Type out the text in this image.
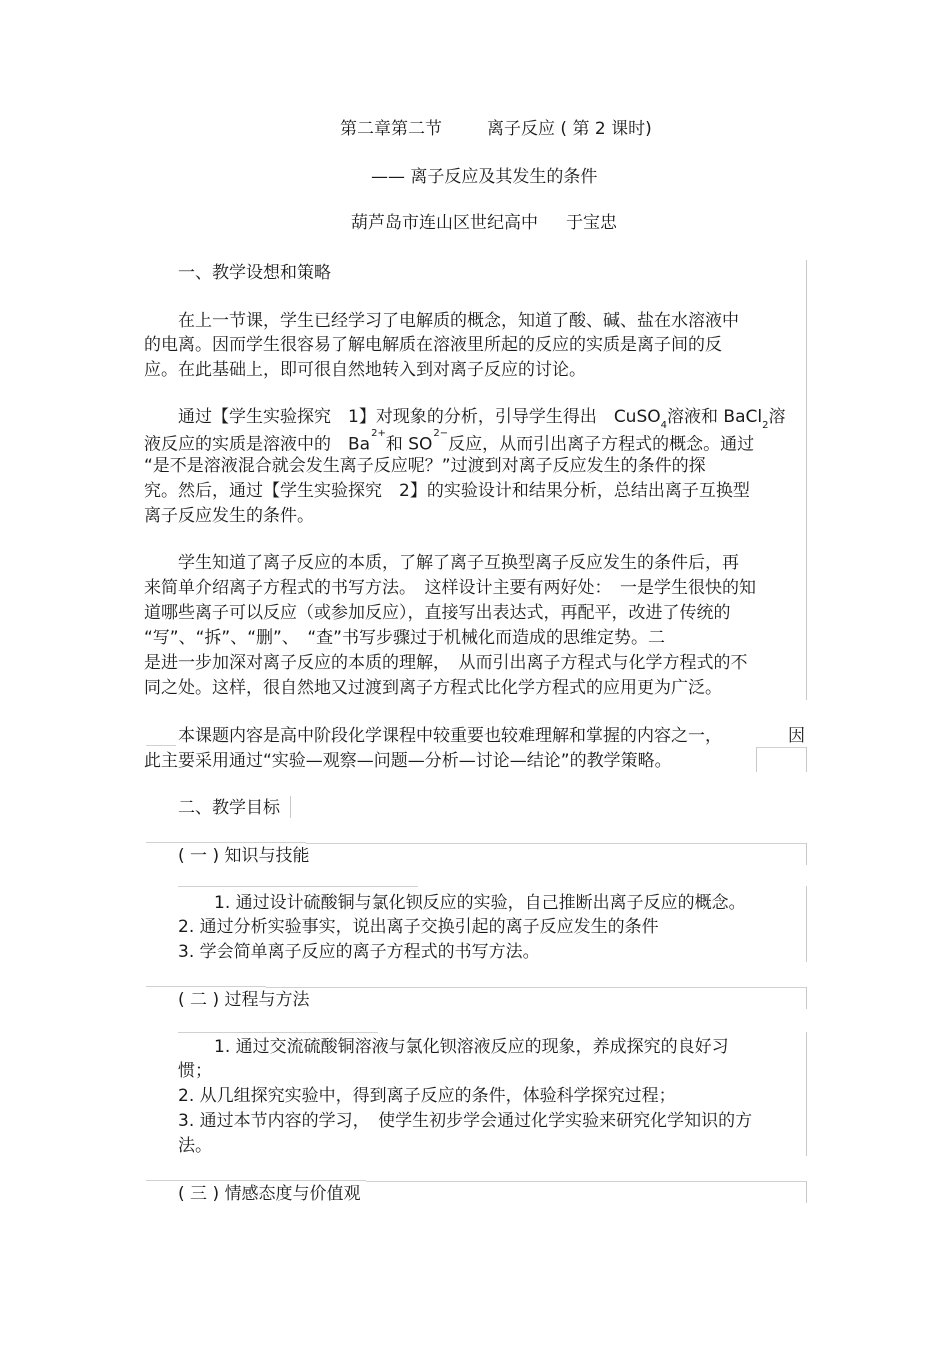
第二章第二节	离子反应 ( 第 2 课时)
—— 离子反应及其发生的条件
葫芦岛市连山区世纪高中 于宝忠
一、教学设想和策略
在上一节课，学生已经学习了电解质的概念，知道了酸、碱、盐在水溶液中
的电离。因而学生很容易了解电解质在溶液里所起的反应的实质是离子间的反
应。在此基础上，即可很自然地转入到对离子反应的讨论。
通过【学生实验探究　1】对现象的分析，引导学生得出　CuSO$_4$溶液和 BaCl$_2$溶
液反应的实质是溶液中的　$Ba^{2+}$和 $SO^{2-}$反应，从而引出离子方程式的概念。通过
“是不是溶液混合就会发生离子反应呢？”过渡到对离子反应发生的条件的探
究。然后，通过【学生实验探究　2】的实验设计和结果分析，总结出离子互换型
离子反应发生的条件。
学生知道了离子反应的本质，了解了离子互换型离子反应发生的条件后，再
来简单介绍离子方程式的书写方法。　这样设计主要有两好处：　一是学生很快的知
道哪些离子可以反应（或参加反应），直接写出表达式，再配平，改进了传统的
“写”、“拆”、“删”、　“查”书写步骤过于机械化而造成的思维定势。二
是进一步加深对离子反应的本质的理解，　从而引出离子方程式与化学方程式的不
同之处。这样，很自然地又过渡到离子方程式比化学方程式的应用更为广泛。
本课题内容是高中阶段化学课程中较重要也较难理解和掌握的内容之一，	因
此主要采用通过“实验—观察—问题—分析—讨论—结论”的教学策略。
二、教学目标
( 一 ) 知识与技能
1. 通过设计硫酸铜与氯化钡反应的实验，自己推断出离子反应的概念。
2. 通过分析实验事实，说出离子交换引起的离子反应发生的条件
3. 学会简单离子反应的离子方程式的书写方法。
( 二 ) 过程与方法
1. 通过交流硫酸铜溶液与氯化钡溶液反应的现象，养成探究的良好习
惯；
2. 从几组探究实验中，得到离子反应的条件，体验科学探究过程；
3. 通过本节内容的学习，　使学生初步学会通过化学实验来研究化学知识的方
法。
( 三 ) 情感态度与价值观
